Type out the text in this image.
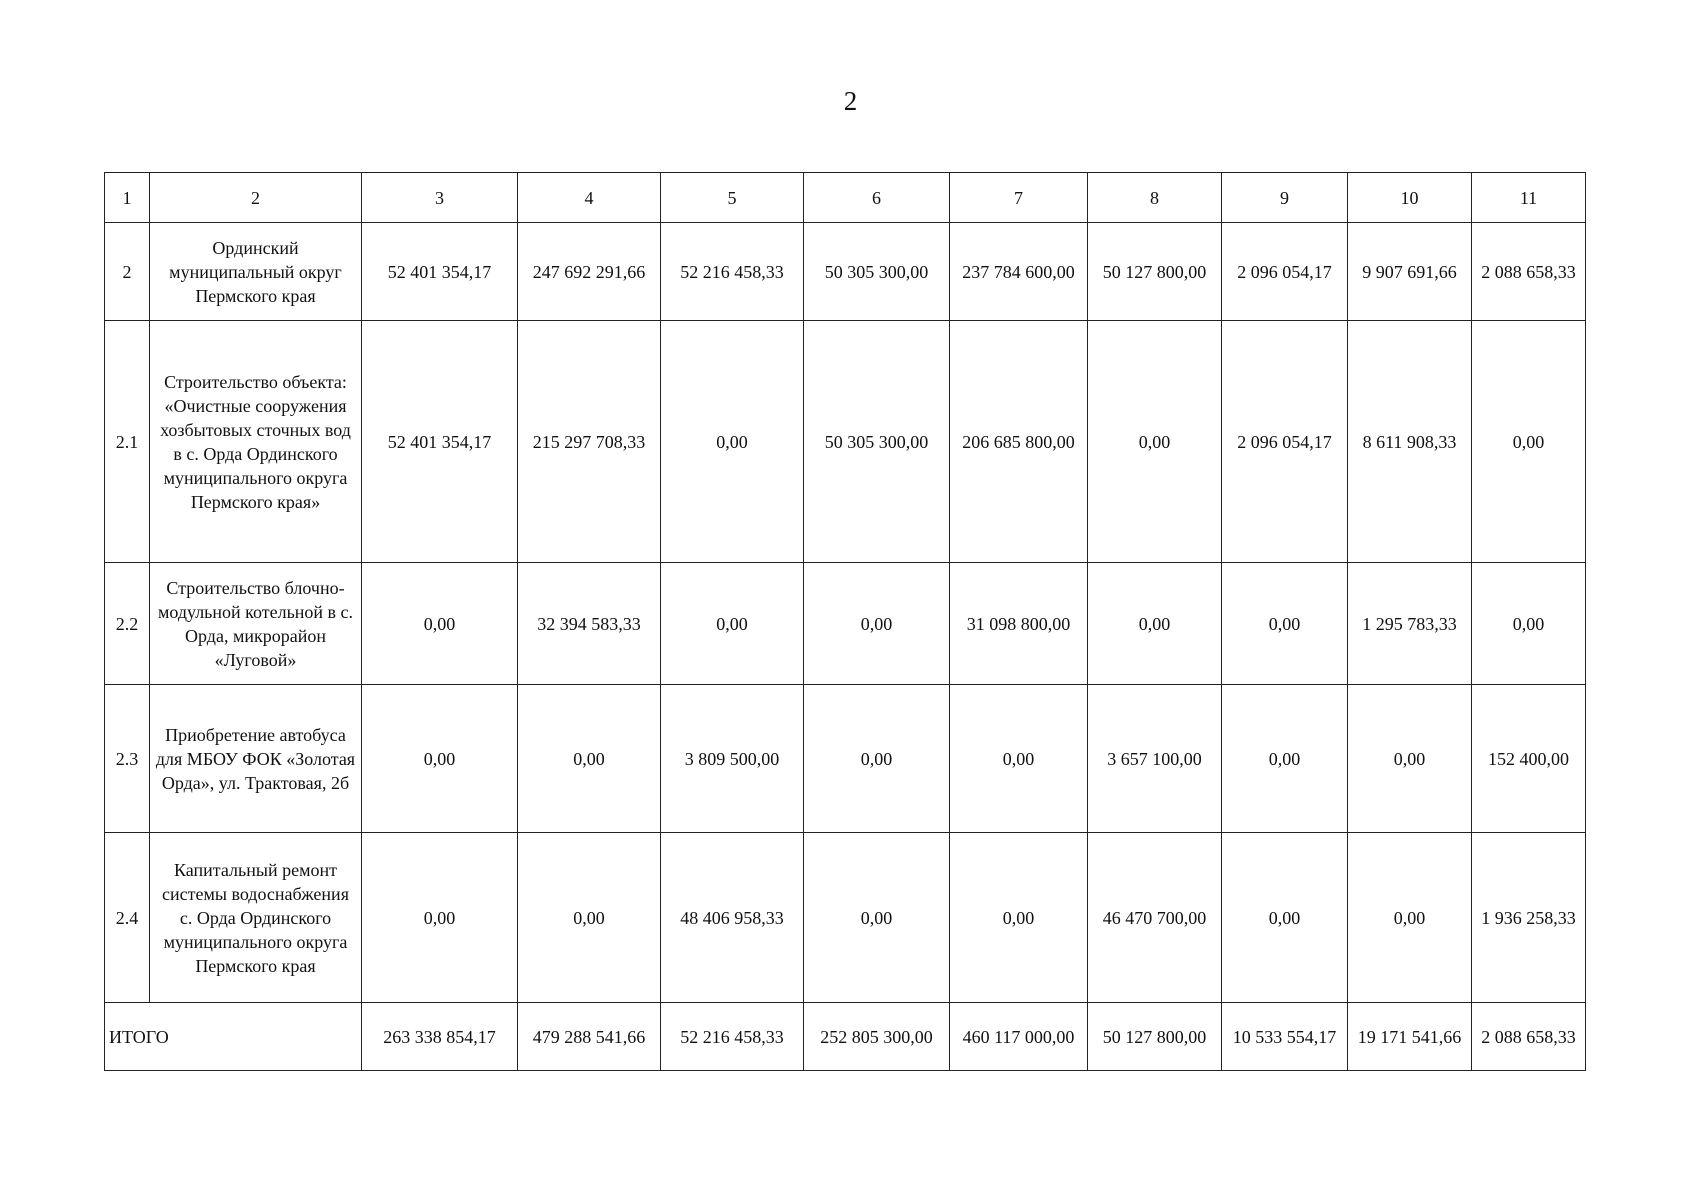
2
1	2	3	4	5	6	7	8	9	10	11
2	Ординский муниципальный округ Пермского края	52 401 354,17	247 692 291,66	52 216 458,33	50 305 300,00	237 784 600,00	50 127 800,00	2 096 054,17	9 907 691,66	2 088 658,33
2.1	Строительство объекта: «Очистные сооружения хозбытовых сточных вод в с. Орда Ординского муниципального округа Пермского края»	52 401 354,17	215 297 708,33	0,00	50 305 300,00	206 685 800,00	0,00	2 096 054,17	8 611 908,33	0,00
2.2	Строительство блочно-модульной котельной в с. Орда, микрорайон «Луговой»	0,00	32 394 583,33	0,00	0,00	31 098 800,00	0,00	0,00	1 295 783,33	0,00
2.3	Приобретение автобуса для МБОУ ФОК «Золотая Орда», ул. Трактовая, 2б	0,00	0,00	3 809 500,00	0,00	0,00	3 657 100,00	0,00	0,00	152 400,00
2.4	Капитальный ремонт системы водоснабжения с. Орда Ординского муниципального округа Пермского края	0,00	0,00	48 406 958,33	0,00	0,00	46 470 700,00	0,00	0,00	1 936 258,33
ИТОГО		263 338 854,17	479 288 541,66	52 216 458,33	252 805 300,00	460 117 000,00	50 127 800,00	10 533 554,17	19 171 541,66	2 088 658,33
